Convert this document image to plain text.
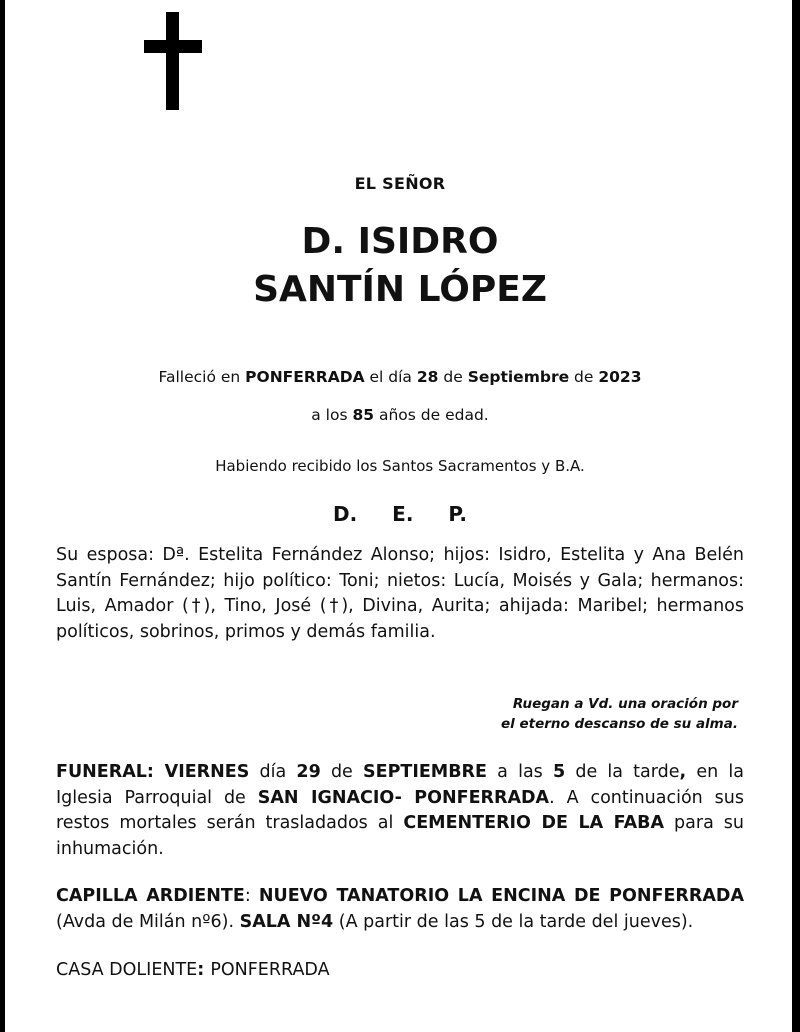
EL SEÑOR
D. ISIDRO
SANTÍN LÓPEZ
Falleció en PONFERRADA el día 28 de Septiembre de 2023
a los 85 años de edad.
Habiendo recibido los Santos Sacramentos y B.A.
D. E. P.
Su esposa: Dª. Estelita Fernández Alonso; hijos: Isidro, Estelita y Ana Belén Santín Fernández; hijo político: Toni; nietos: Lucía, Moisés y Gala; hermanos: Luis, Amador (†), Tino, José (†), Divina, Aurita; ahijada: Maribel; hermanos políticos, sobrinos, primos y demás familia.
Ruegan a Vd. una oración por
el eterno descanso de su alma.
FUNERAL: VIERNES día 29 de SEPTIEMBRE a las 5 de la tarde, en la Iglesia Parroquial de SAN IGNACIO- PONFERRADA. A continuación sus restos mortales serán trasladados al CEMENTERIO DE LA FABA para su inhumación.
CAPILLA ARDIENTE: NUEVO TANATORIO LA ENCINA DE PONFERRADA (Avda de Milán nº6). SALA Nº4 (A partir de las 5 de la tarde del jueves).
CASA DOLIENTE: PONFERRADA
